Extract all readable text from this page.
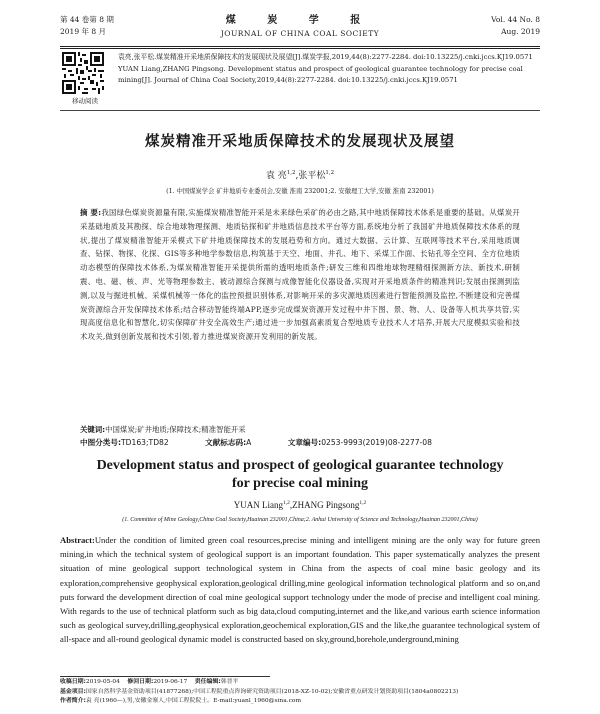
第 44 卷第 8 期
2019 年 8 月
煤 炭 学 报
JOURNAL OF CHINA COAL SOCIETY
Vol. 44 No. 8
Aug. 2019
移动阅读

袁亮,张平松.煤炭精准开采地质保障技术的发展现状及展望[J].煤炭学报,2019,44(8):2277-2284. doi:10.13225/j.cnki.jccs.KJ19.0571

YUAN Liang,ZHANG Pingsong. Development status and prospect of geological guarantee technology for precise coal mining[J]. Journal of China Coal Society,2019,44(8):2277-2284. doi:10.13225/j.cnki.jccs.KJ19.0571

煤炭精准开采地质保障技术的发展现状及展望
袁 亮$^{1,2}$,张平松$^{1,2}$
(1. 中国煤炭学会 矿井地质专业委员会,安徽 淮南 232001;2. 安徽理工大学,安徽 淮南 232001)
摘 要:我国绿色煤炭资源量有限,实施煤炭精准智能开采是未来绿色采矿的必由之路,其中地质保障技术体系是重要的基础。从煤炭开采基础地质及其勘探、综合地球物理探测、地质钻探和矿井地质信息技术平台等方面,系统地分析了我国矿井地质保障技术体系的现状,提出了煤炭精准智能开采模式下矿井地质保障技术的发展趋势和方向。通过大数据、云计算、互联网等技术平台,采用地质调查、钻探、物探、化探、GIS等多种地学参数信息,构筑基于天空、地面、井孔、地下、采煤工作面、长钻孔等全空间、全方位地质动态模型的保障技术体系,为煤炭精准智能开采提供所需的透明地质条件;研发三维和四维地球物理精细探测新方法、新技术,研制震、电、磁、核、声、光等物理参数主、被动源综合探测与成像智能化仪器设备,实现对开采地质条件的精准判识;发展由探测到监测,以及与掘进机械、采煤机械等一体化的监控预报识别体系,对影响开采的多灾源地质因素进行智能预测及监控,不断建设和完善煤炭资源综合开发保障技术体系;结合移动智能终端APP,逐步完成煤炭资源开发过程中井下图、景、物、人、设备等人机共享共管,实现高度信息化和智慧化,切实保障矿井安全高效生产;通过进一步加强高素质复合型地质专业技术人才培养,开展大尺度模拟实验和技术攻关,做到创新发展和技术引领,着力推进煤炭资源开发利用的新发展。
关键词:中国煤炭;矿井地质;保障技术;精准智能开采
中图分类号:TD163;TD82	文献标志码:A	文章编号:0253-9993(2019)08-2277-08
Development status and prospect of geological guarantee technology
for precise coal mining
YUAN Liang$^{1,2}$,ZHANG Pingsong$^{1,2}$
(1. Committee of Mine Geology,China Coal Society,Huainan 232001,China;2. Anhui University of Science and Technology,Huainan 232001,China)
Abstract:Under the condition of limited green coal resources,precise mining and intelligent mining are the only way for future green mining,in which the technical system of geological support is an important foundation. This paper systematically analyzes the present situation of mine geological support technological system in China from the aspects of coal mine basic geology and its exploration,comprehensive geophysical exploration,geological drilling,mine geological information technological platform and so on,and puts forward the development direction of coal mine geological support technology under the mode of precise and intelligent coal mining. With regards to the use of technical platform such as big data,cloud computing,internet and the like,and various earth science information such as geological survey,drilling,geophysical exploration,geochemical exploration,GIS and the like,the guarantee technological system of all-space and all-round geological dynamic model is constructed based on sky,ground,borehole,underground,mining

收稿日期:2019-05-04 修回日期:2019-06-17 责任编辑:韩晋平

基金项目:国家自然科学基金资助项目(41877268);中国工程院重点咨询研究资助项目(2018-XZ-10-02);安徽省重点研发计划资助项目(1804a0802213)

作者简介:袁 亮(1960—),男,安徽金寨人,中国工程院院士。E-mail:yuanl_1960@sina.com
